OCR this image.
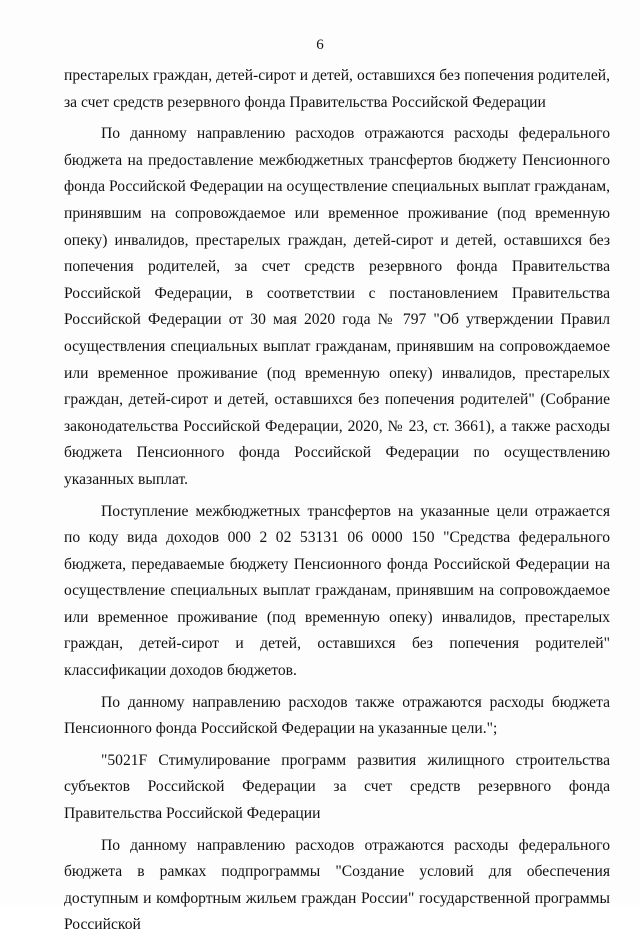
6

престарелых граждан, детей-сирот и детей, оставшихся без попечения родителей, за счет средств резервного фонда Правительства Российской Федерации

По данному направлению расходов отражаются расходы федерального бюджета на предоставление межбюджетных трансфертов бюджету Пенсионного фонда Российской Федерации на осуществление специальных выплат гражданам, принявшим на сопровождаемое или временное проживание (под временную опеку) инвалидов, престарелых граждан, детей-сирот и детей, оставшихся без попечения родителей, за счет средств резервного фонда Правительства Российской Федерации, в соответствии с постановлением Правительства Российской Федерации от 30 мая 2020 года № 797 "Об утверждении Правил осуществления специальных выплат гражданам, принявшим на сопровождаемое или временное проживание (под временную опеку) инвалидов, престарелых граждан, детей-сирот и детей, оставшихся без попечения родителей" (Собрание законодательства Российской Федерации, 2020, № 23, ст. 3661), а также расходы бюджета Пенсионного фонда Российской Федерации по осуществлению указанных выплат.

Поступление межбюджетных трансфертов на указанные цели отражается по коду вида доходов 000 2 02 53131 06 0000 150 "Средства федерального бюджета, передаваемые бюджету Пенсионного фонда Российской Федерации на осуществление специальных выплат гражданам, принявшим на сопровождаемое или временное проживание (под временную опеку) инвалидов, престарелых граждан, детей-сирот и детей, оставшихся без попечения родителей" классификации доходов бюджетов.

По данному направлению расходов также отражаются расходы бюджета Пенсионного фонда Российской Федерации на указанные цели.";

"5021F Стимулирование программ развития жилищного строительства субъектов Российской Федерации за счет средств резервного фонда Правительства Российской Федерации

По данному направлению расходов отражаются расходы федерального бюджета в рамках подпрограммы "Создание условий для обеспечения доступным и комфортным жильем граждан России" государственной программы Российской
